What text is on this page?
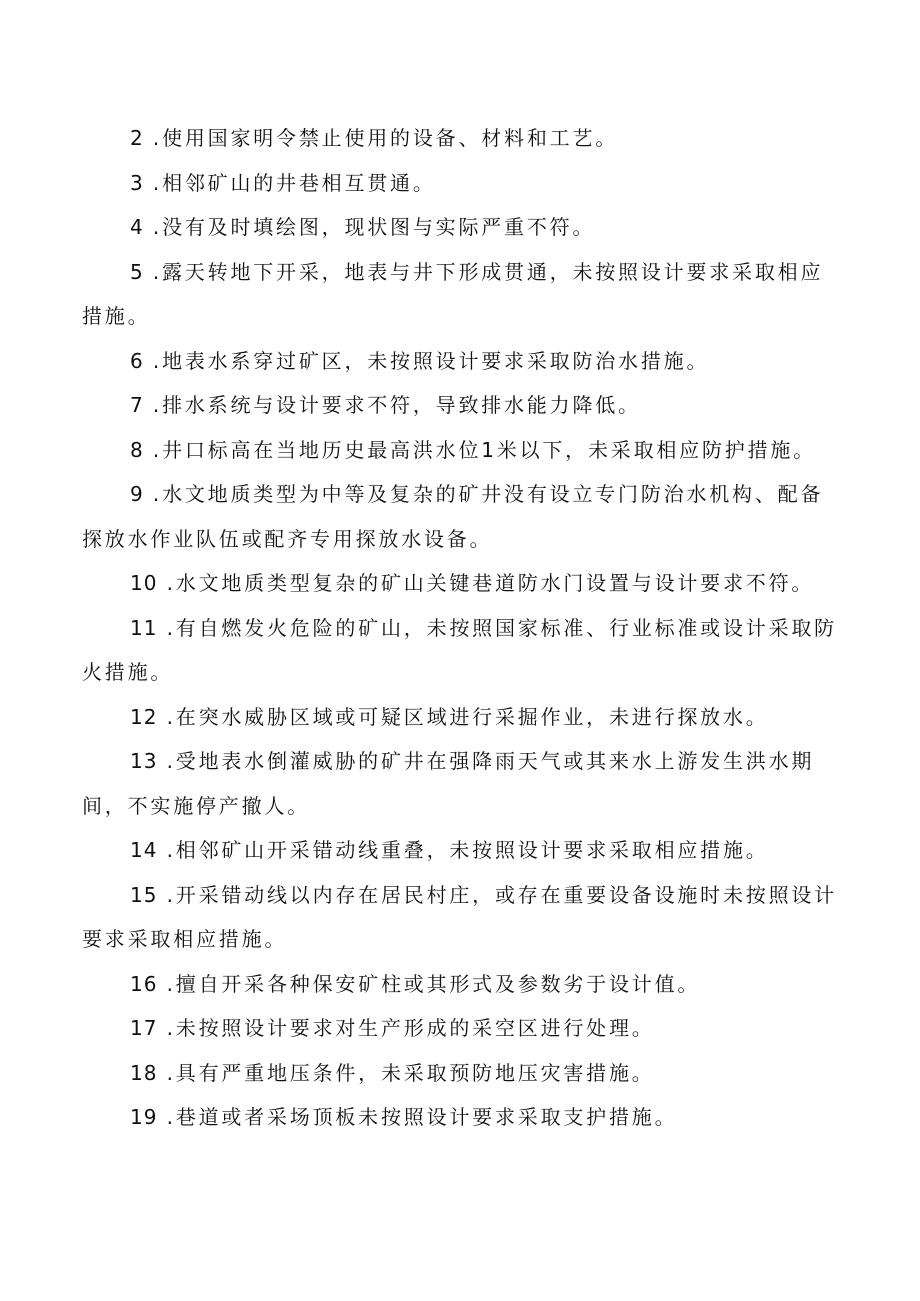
2 .使用国家明令禁止使用的设备、材料和工艺。

3 .相邻矿山的井巷相互贯通。

4 .没有及时填绘图，现状图与实际严重不符。

5 .露天转地下开采，地表与井下形成贯通，未按照设计要求采取相应措施。

6 .地表水系穿过矿区，未按照设计要求采取防治水措施。

7 .排水系统与设计要求不符，导致排水能力降低。

8 .井口标高在当地历史最高洪水位1米以下，未采取相应防护措施。

9 .水文地质类型为中等及复杂的矿井没有设立专门防治水机构、配备探放水作业队伍或配齐专用探放水设备。

10 .水文地质类型复杂的矿山关键巷道防水门设置与设计要求不符。

11 .有自燃发火危险的矿山，未按照国家标准、行业标准或设计采取防火措施。

12 .在突水威胁区域或可疑区域进行采掘作业，未进行探放水。

13 .受地表水倒灌威胁的矿井在强降雨天气或其来水上游发生洪水期间，不实施停产撤人。

14 .相邻矿山开采错动线重叠，未按照设计要求采取相应措施。

15 .开采错动线以内存在居民村庄，或存在重要设备设施时未按照设计要求采取相应措施。

16 .擅自开采各种保安矿柱或其形式及参数劣于设计值。

17 .未按照设计要求对生产形成的采空区进行处理。

18 .具有严重地压条件，未采取预防地压灾害措施。

19 .巷道或者采场顶板未按照设计要求采取支护措施。
